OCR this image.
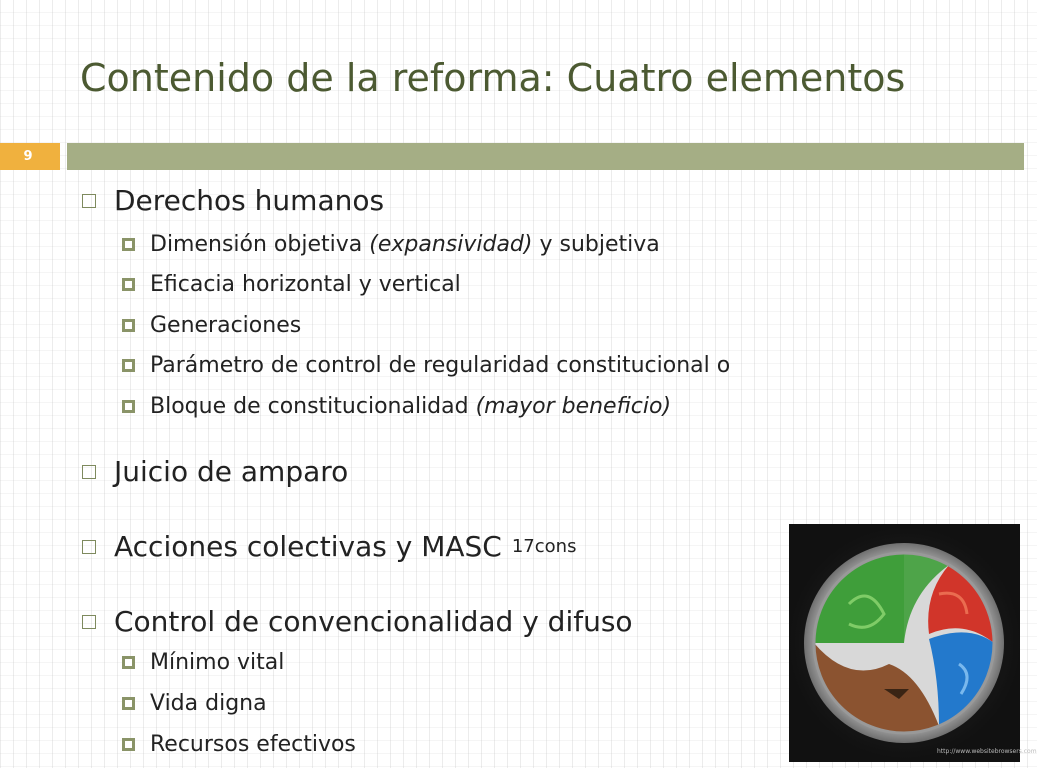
Contenido de la reforma: Cuatro elementos
9
Derechos humanos
Dimensión objetiva (expansividad) y subjetiva
Eficacia horizontal y vertical
Generaciones
Parámetro de control de regularidad constitucional o
Bloque de constitucionalidad (mayor beneficio)
Juicio de amparo
Acciones colectivas y MASC 17cons
Control de convencionalidad y difuso
Mínimo vital
Vida digna
Recursos efectivos	http://www.websitebrowsers.com
